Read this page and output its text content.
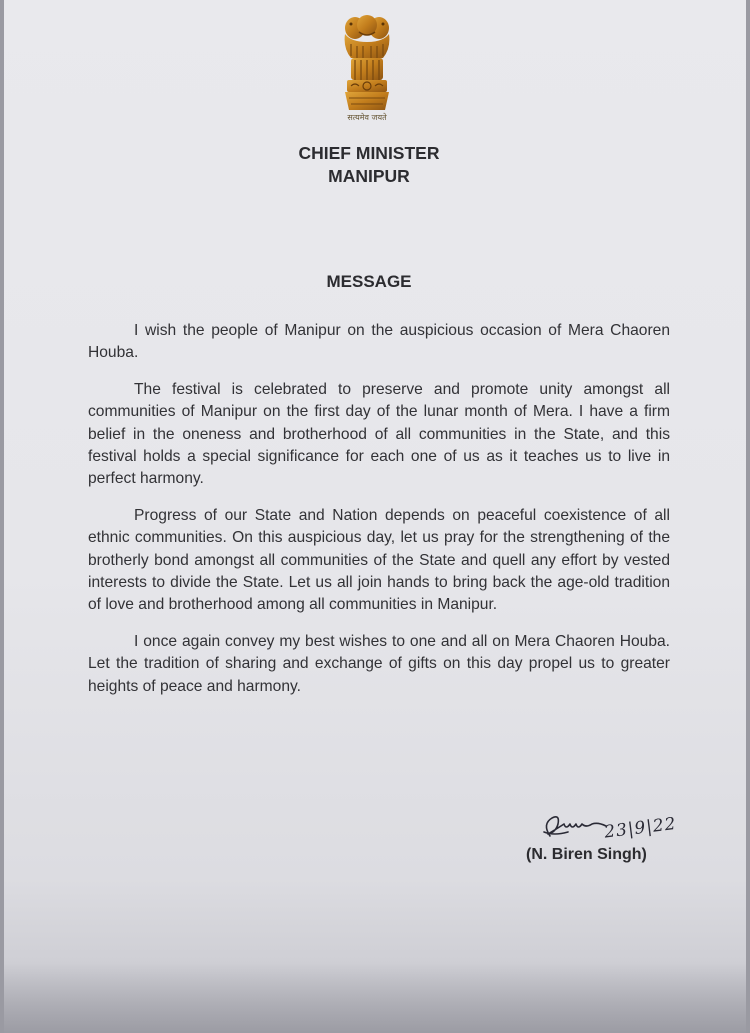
सत्यमेव जयते
CHIEF MINISTER
MANIPUR
MESSAGE

I wish the people of Manipur on the auspicious occasion of Mera Chaoren Houba.

The festival is celebrated to preserve and promote unity amongst all communities of Manipur on the first day of the lunar month of Mera. I have a firm belief in the oneness and brotherhood of all communities in the State, and this festival holds a special significance for each one of us as it teaches us to live in perfect harmony.

Progress of our State and Nation depends on peaceful coexistence of all ethnic communities. On this auspicious day, let us pray for the strengthening of the brotherly bond amongst all communities of the State and quell any effort by vested interests to divide the State. Let us all join hands to bring back the age-old tradition of love and brotherhood among all communities in Manipur.

I once again convey my best wishes to one and all on Mera Chaoren Houba. Let the tradition of sharing and exchange of gifts on this day propel us to greater heights of peace and harmony.

23|9|22
(N. Biren Singh)
